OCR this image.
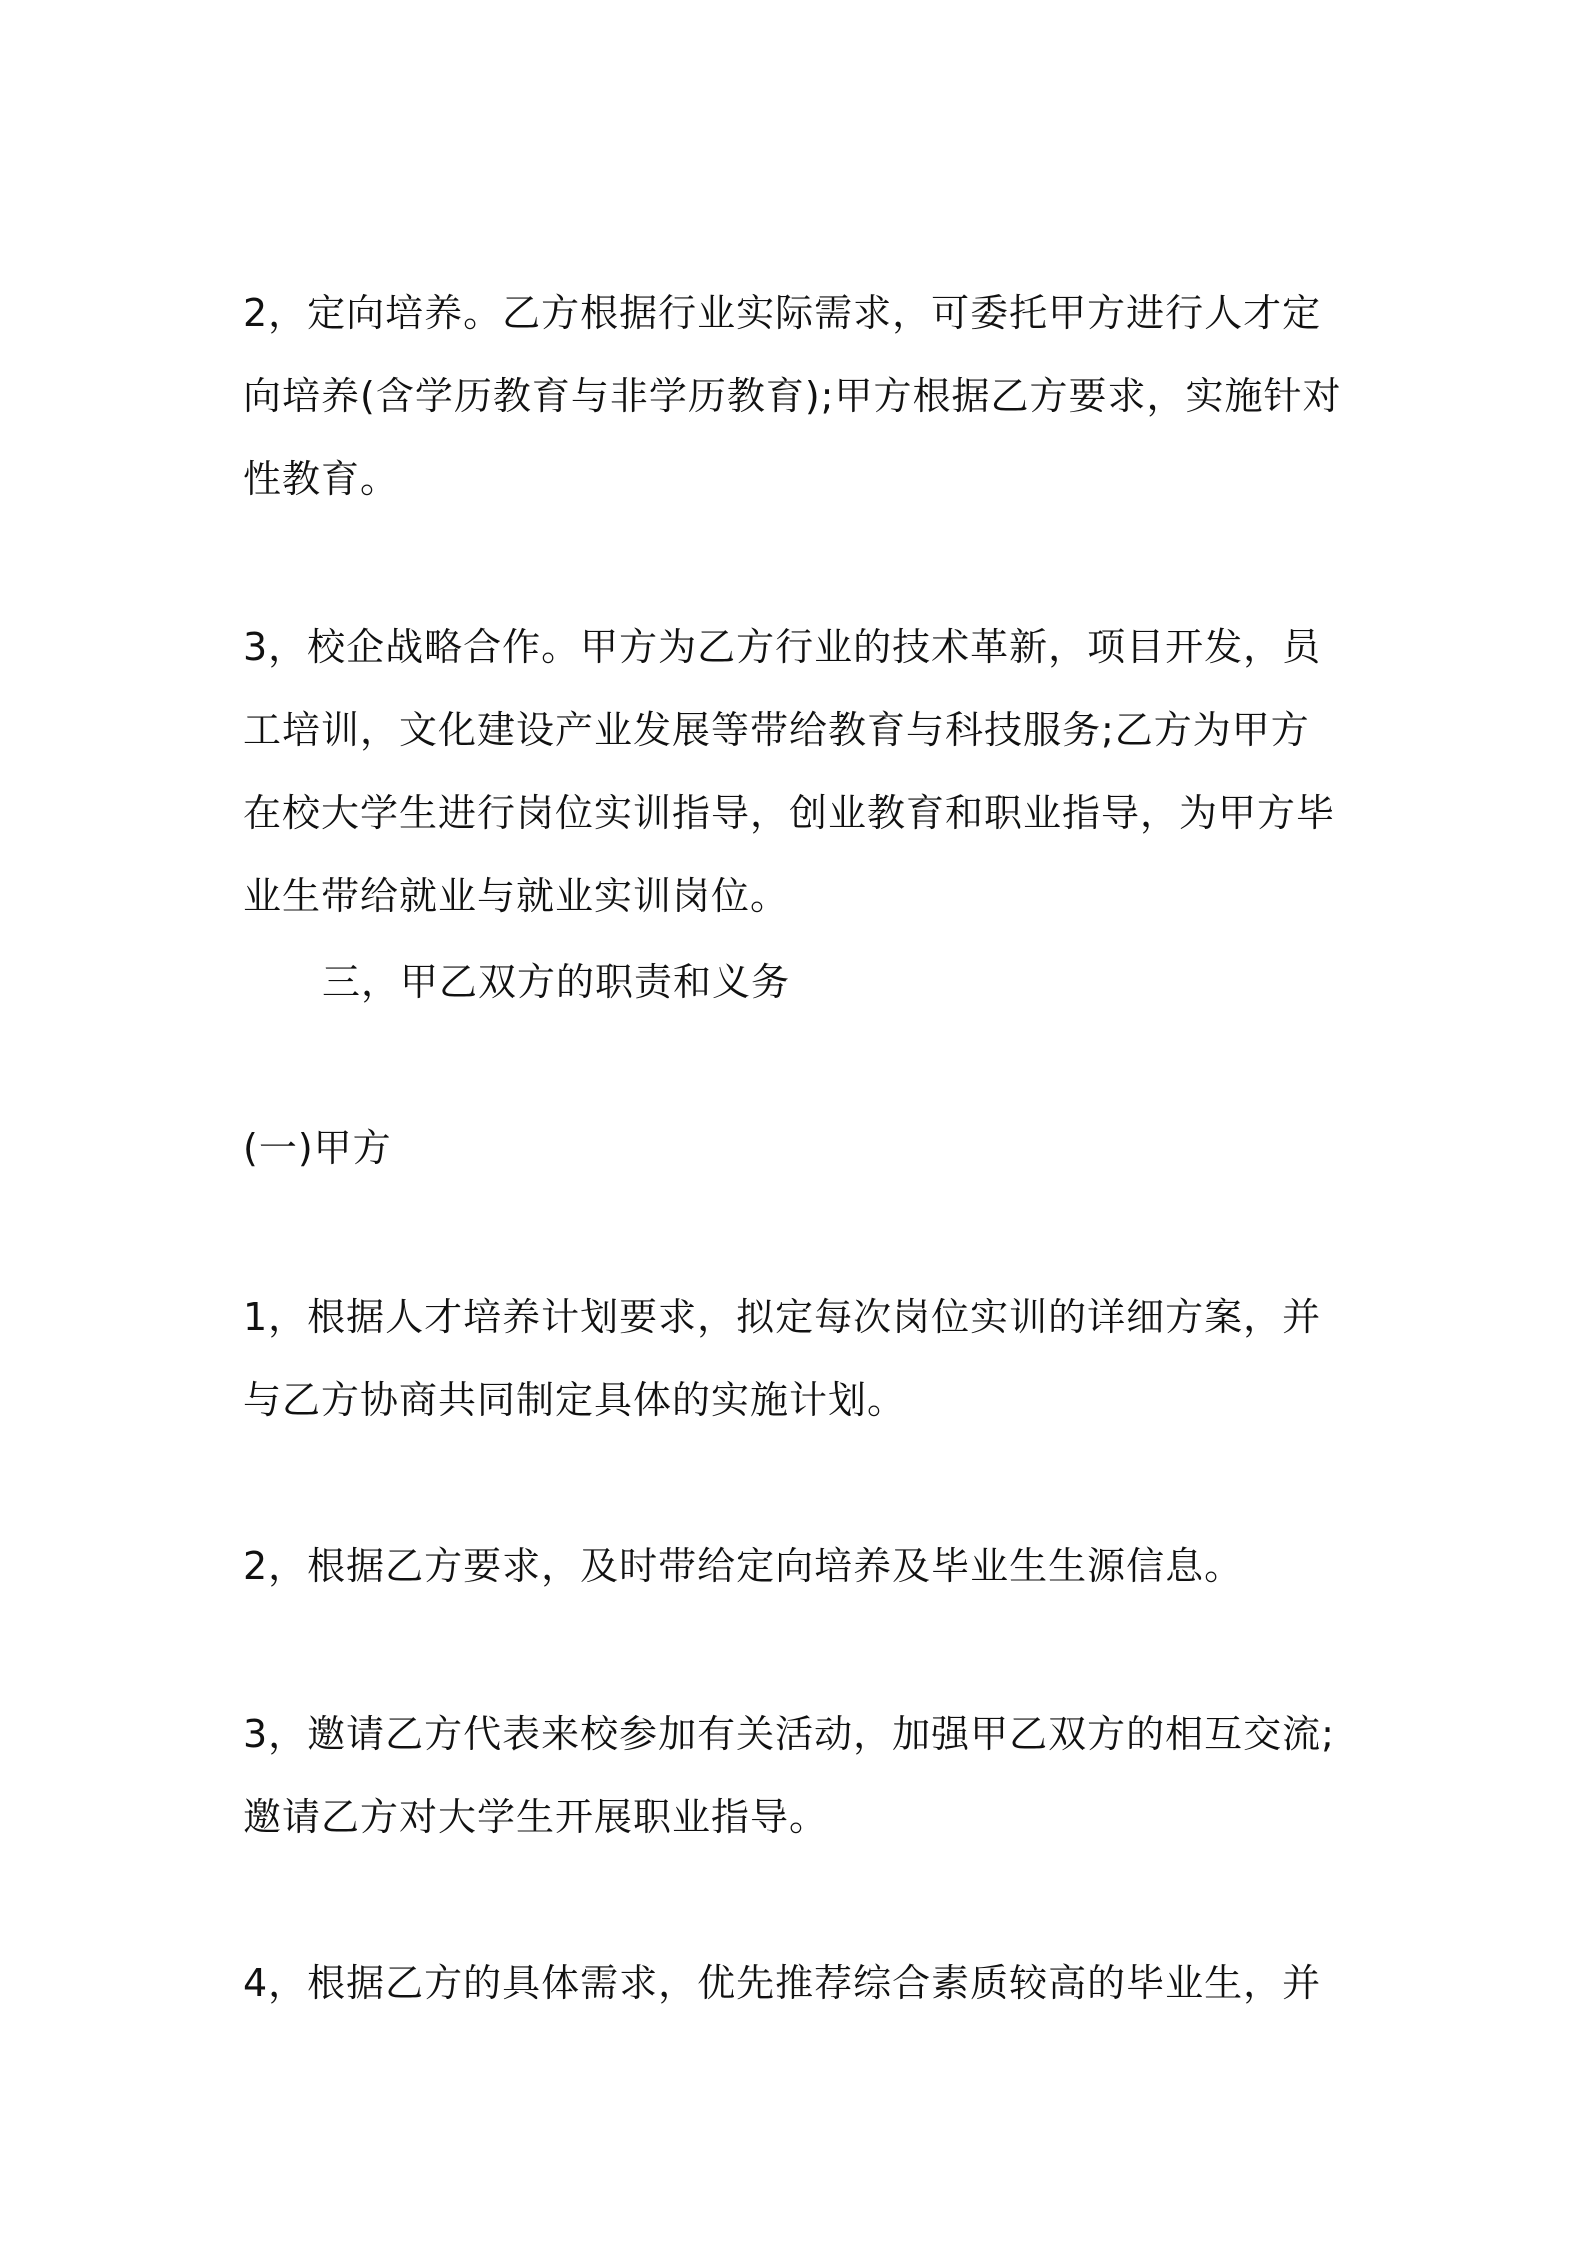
2，定向培养。乙方根据行业实际需求，可委托甲方进行人才定
向培养(含学历教育与非学历教育);甲方根据乙方要求，实施针对
性教育。
3，校企战略合作。甲方为乙方行业的技术革新，项目开发，员
工培训，文化建设产业发展等带给教育与科技服务;乙方为甲方
在校大学生进行岗位实训指导，创业教育和职业指导，为甲方毕
业生带给就业与就业实训岗位。
三，甲乙双方的职责和义务
(一)甲方
1，根据人才培养计划要求，拟定每次岗位实训的详细方案，并
与乙方协商共同制定具体的实施计划。
2，根据乙方要求，及时带给定向培养及毕业生生源信息。
3，邀请乙方代表来校参加有关活动，加强甲乙双方的相互交流;
邀请乙方对大学生开展职业指导。
4，根据乙方的具体需求，优先推荐综合素质较高的毕业生，并
